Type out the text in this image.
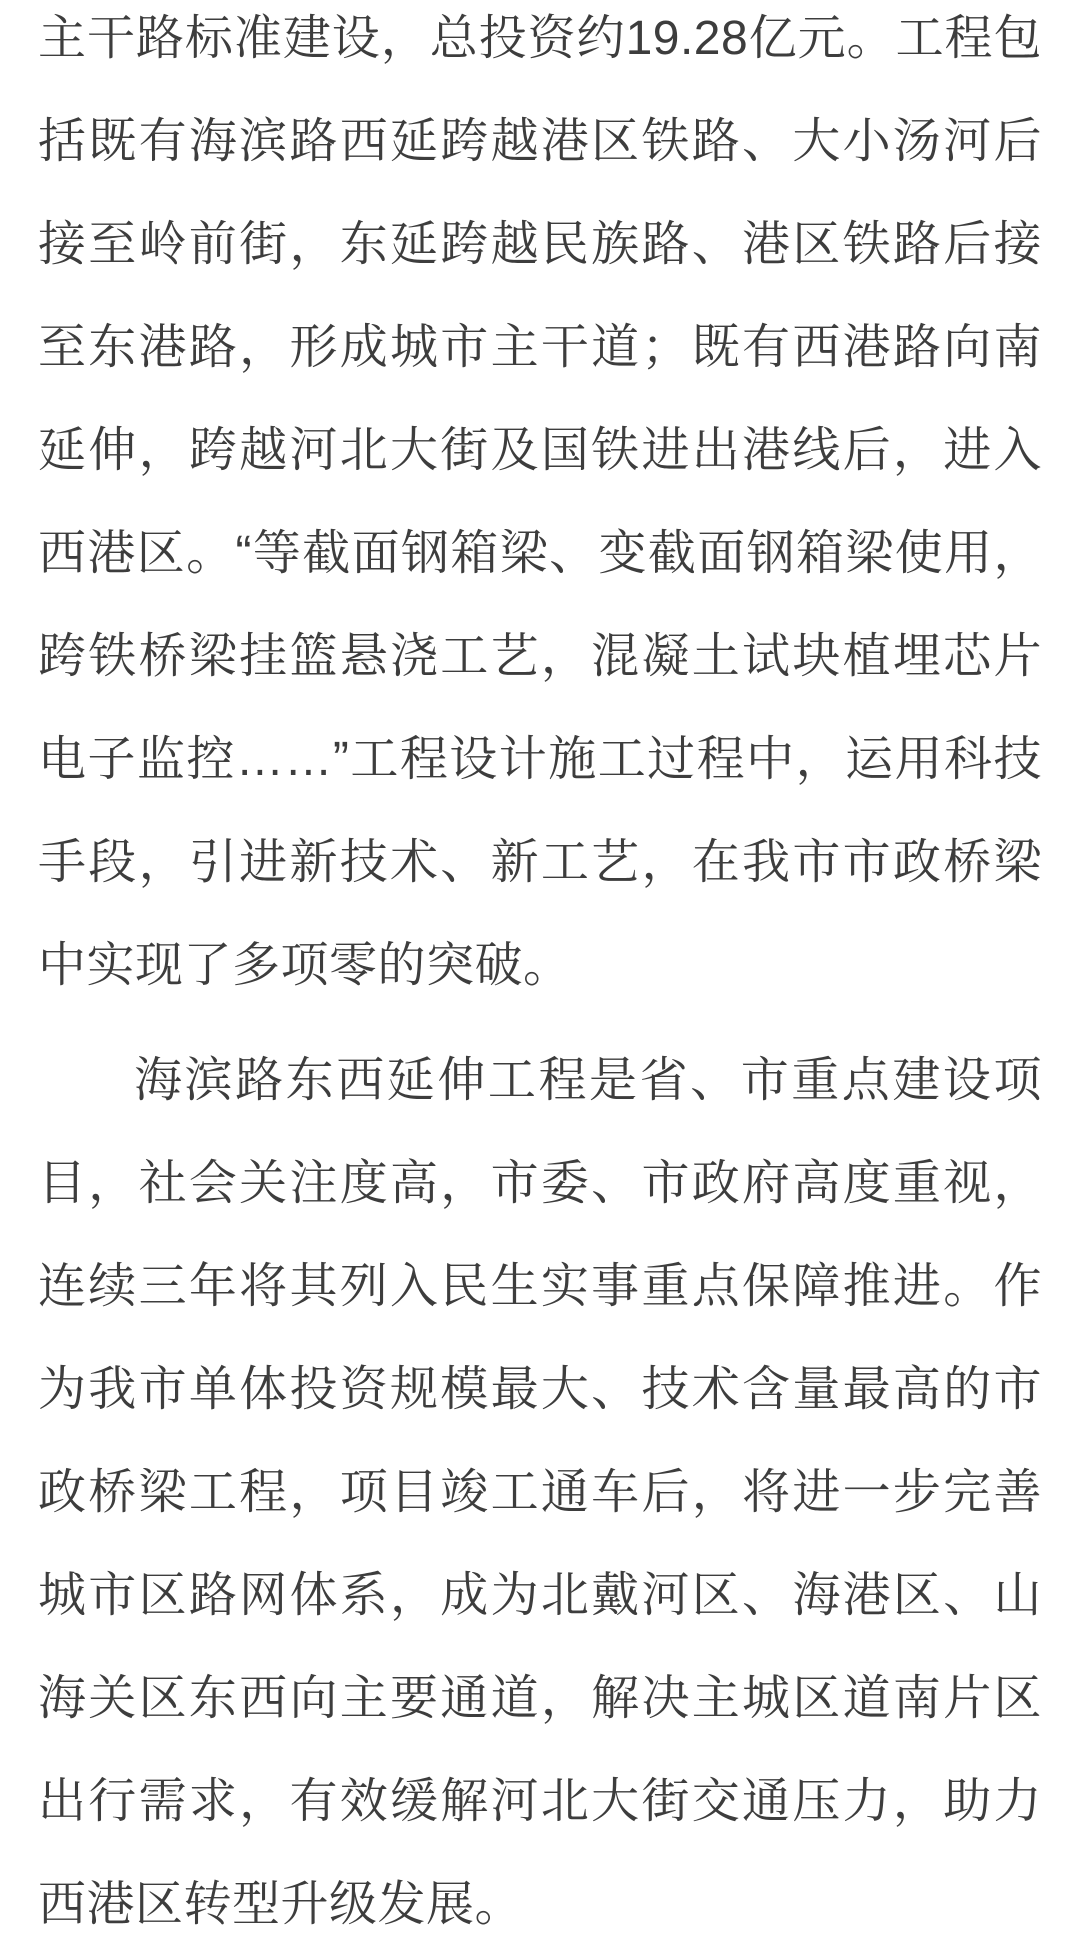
主干路标准建设，总投资约19.28亿元。工程包括既有海滨路西延跨越港区铁路、大小汤河后接至岭前街，东延跨越民族路、港区铁路后接至东港路，形成城市主干道；既有西港路向南延伸，跨越河北大街及国铁进出港线后，进入西港区。“等截面钢箱梁、变截面钢箱梁使用，跨铁桥梁挂篮悬浇工艺，混凝土试块植埋芯片电子监控……”工程设计施工过程中，运用科技手段，引进新技术、新工艺，在我市市政桥梁中实现了多项零的突破。

海滨路东西延伸工程是省、市重点建设项目，社会关注度高，市委、市政府高度重视，连续三年将其列入民生实事重点保障推进。作为我市单体投资规模最大、技术含量最高的市政桥梁工程，项目竣工通车后，将进一步完善城市区路网体系，成为北戴河区、海港区、山海关区东西向主要通道，解决主城区道南片区出行需求，有效缓解河北大街交通压力，助力西港区转型升级发展。
